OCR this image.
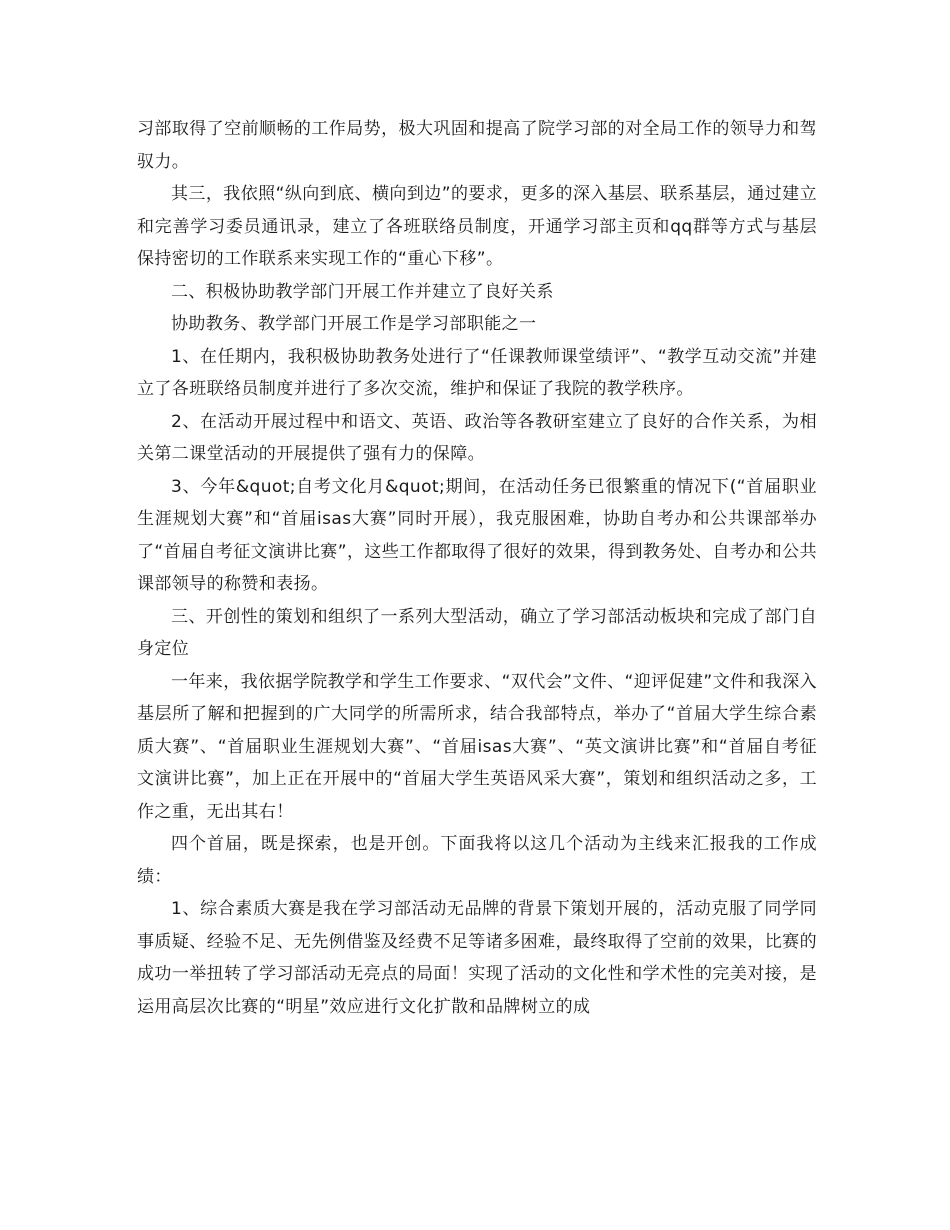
习部取得了空前顺畅的工作局势，极大巩固和提高了院学习部的对全局工作的领导力和驾驭力。

其三，我依照“纵向到底、横向到边”的要求，更多的深入基层、联系基层，通过建立和完善学习委员通讯录，建立了各班联络员制度，开通学习部主页和qq群等方式与基层保持密切的工作联系来实现工作的“重心下移”。

二、积极协助教学部门开展工作并建立了良好关系

协助教务、教学部门开展工作是学习部职能之一

1、在任期内，我积极协助教务处进行了“任课教师课堂绩评”、“教学互动交流”并建立了各班联络员制度并进行了多次交流，维护和保证了我院的教学秩序。

2、在活动开展过程中和语文、英语、政治等各教研室建立了良好的合作关系，为相关第二课堂活动的开展提供了强有力的保障。

3、今年&quot;自考文化月&quot;期间，在活动任务已很繁重的情况下(“首届职业生涯规划大赛”和“首届isas大赛”同时开展），我克服困难，协助自考办和公共课部举办了“首届自考征文演讲比赛”，这些工作都取得了很好的效果，得到教务处、自考办和公共课部领导的称赞和表扬。

三、开创性的策划和组织了一系列大型活动，确立了学习部活动板块和完成了部门自身定位

一年来，我依据学院教学和学生工作要求、“双代会”文件、“迎评促建”文件和我深入基层所了解和把握到的广大同学的所需所求，结合我部特点，举办了“首届大学生综合素质大赛”、“首届职业生涯规划大赛”、“首届isas大赛”、“英文演讲比赛”和“首届自考征文演讲比赛”，加上正在开展中的“首届大学生英语风采大赛”，策划和组织活动之多，工作之重，无出其右！

四个首届，既是探索，也是开创。下面我将以这几个活动为主线来汇报我的工作成绩：

1、综合素质大赛是我在学习部活动无品牌的背景下策划开展的，活动克服了同学同事质疑、经验不足、无先例借鉴及经费不足等诸多困难，最终取得了空前的效果，比赛的成功一举扭转了学习部活动无亮点的局面！实现了活动的文化性和学术性的完美对接，是运用高层次比赛的“明星”效应进行文化扩散和品牌树立的成
